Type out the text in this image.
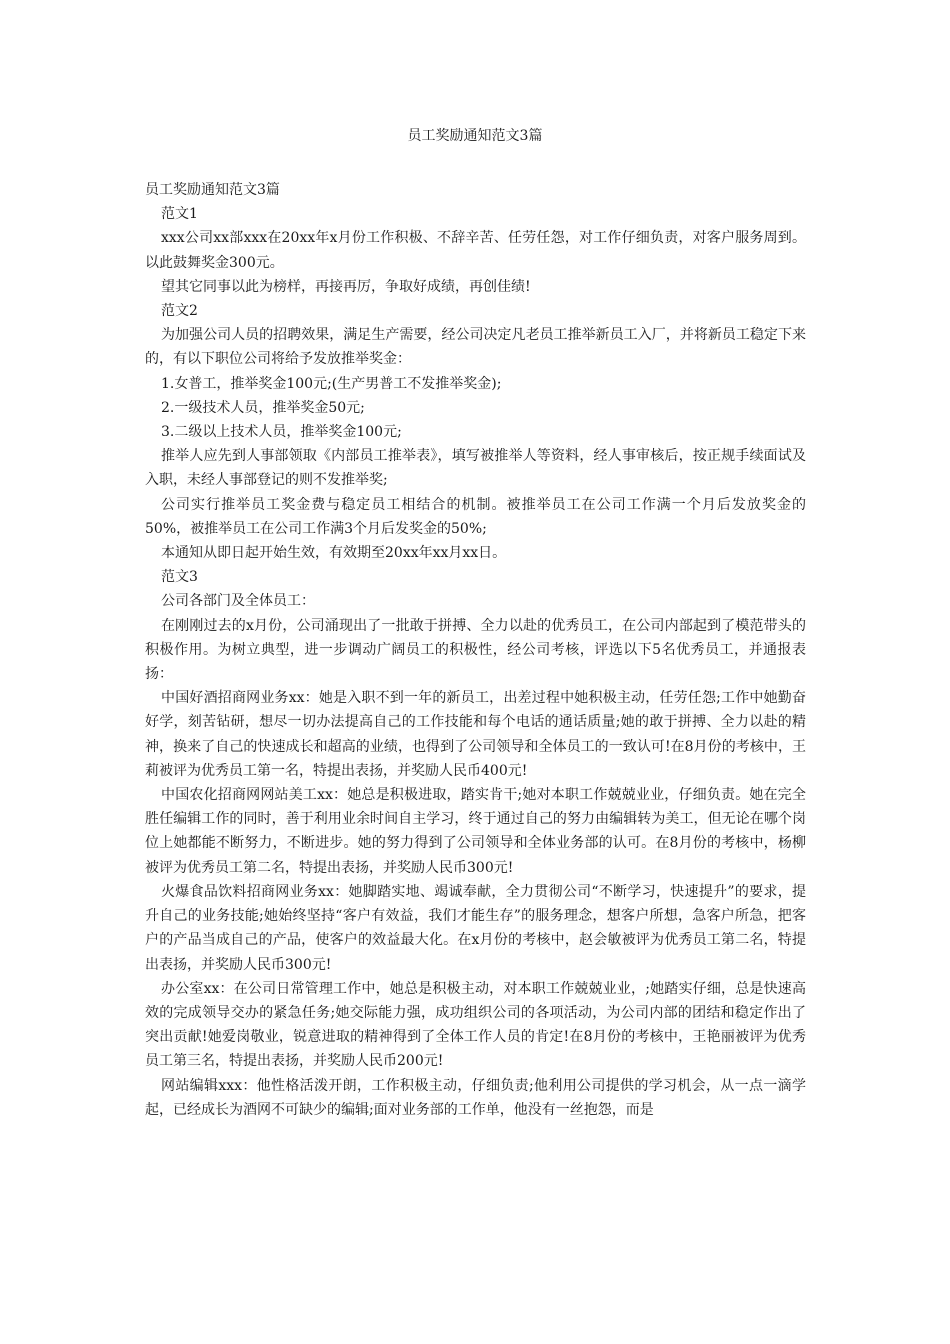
员工奖励通知范文3篇

员工奖励通知范文3篇

范文1

xxx公司xx部xxx在20xx年x月份工作积极、不辞辛苦、任劳任怨，对工作仔细负责，对客户服务周到。以此鼓舞奖金300元。

望其它同事以此为榜样，再接再厉，争取好成绩，再创佳绩!

范文2

为加强公司人员的招聘效果，满足生产需要，经公司决定凡老员工推举新员工入厂，并将新员工稳定下来的，有以下职位公司将给予发放推举奖金：

1.女普工，推举奖金100元;(生产男普工不发推举奖金);

2.一级技术人员，推举奖金50元;

3.二级以上技术人员，推举奖金100元;

推举人应先到人事部领取《内部员工推举表》，填写被推举人等资料，经人事审核后，按正规手续面试及入职，未经人事部登记的则不发推举奖;

公司实行推举员工奖金费与稳定员工相结合的机制。被推举员工在公司工作满一个月后发放奖金的50%，被推举员工在公司工作满3个月后发奖金的50%;

本通知从即日起开始生效，有效期至20xx年xx月xx日。

范文3

公司各部门及全体员工：

在刚刚过去的x月份，公司涌现出了一批敢于拼搏、全力以赴的优秀员工，在公司内部起到了模范带头的积极作用。为树立典型，进一步调动广阔员工的积极性，经公司考核，评选以下5名优秀员工，并通报表扬：

中国好酒招商网业务xx：她是入职不到一年的新员工，出差过程中她积极主动，任劳任怨;工作中她勤奋好学，刻苦钻研，想尽一切办法提高自己的工作技能和每个电话的通话质量;她的敢于拼搏、全力以赴的精神，换来了自己的快速成长和超高的业绩，也得到了公司领导和全体员工的一致认可!在8月份的考核中，王莉被评为优秀员工第一名，特提出表扬，并奖励人民币400元!

中国农化招商网网站美工xx：她总是积极进取，踏实肯干;她对本职工作兢兢业业，仔细负责。她在完全胜任编辑工作的同时，善于利用业余时间自主学习，终于通过自己的努力由编辑转为美工，但无论在哪个岗位上她都能不断努力，不断进步。她的努力得到了公司领导和全体业务部的认可。在8月份的考核中，杨柳被评为优秀员工第二名，特提出表扬，并奖励人民币300元!

火爆食品饮料招商网业务xx：她脚踏实地、竭诚奉献，全力贯彻公司“不断学习，快速提升”的要求，提升自己的业务技能;她始终坚持“客户有效益，我们才能生存”的服务理念，想客户所想，急客户所急，把客户的产品当成自己的产品，使客户的效益最大化。在x月份的考核中，赵会敏被评为优秀员工第二名，特提出表扬，并奖励人民币300元!

办公室xx：在公司日常管理工作中，她总是积极主动，对本职工作兢兢业业，;她踏实仔细，总是快速高效的完成领导交办的紧急任务;她交际能力强，成功组织公司的各项活动，为公司内部的团结和稳定作出了突出贡献!她爱岗敬业，锐意进取的精神得到了全体工作人员的肯定!在8月份的考核中，王艳丽被评为优秀员工第三名，特提出表扬，并奖励人民币200元!

网站编辑xxx：他性格活泼开朗，工作积极主动，仔细负责;他利用公司提供的学习机会，从一点一滴学起，已经成长为酒网不可缺少的编辑;面对业务部的工作单，他没有一丝抱怨，而是
